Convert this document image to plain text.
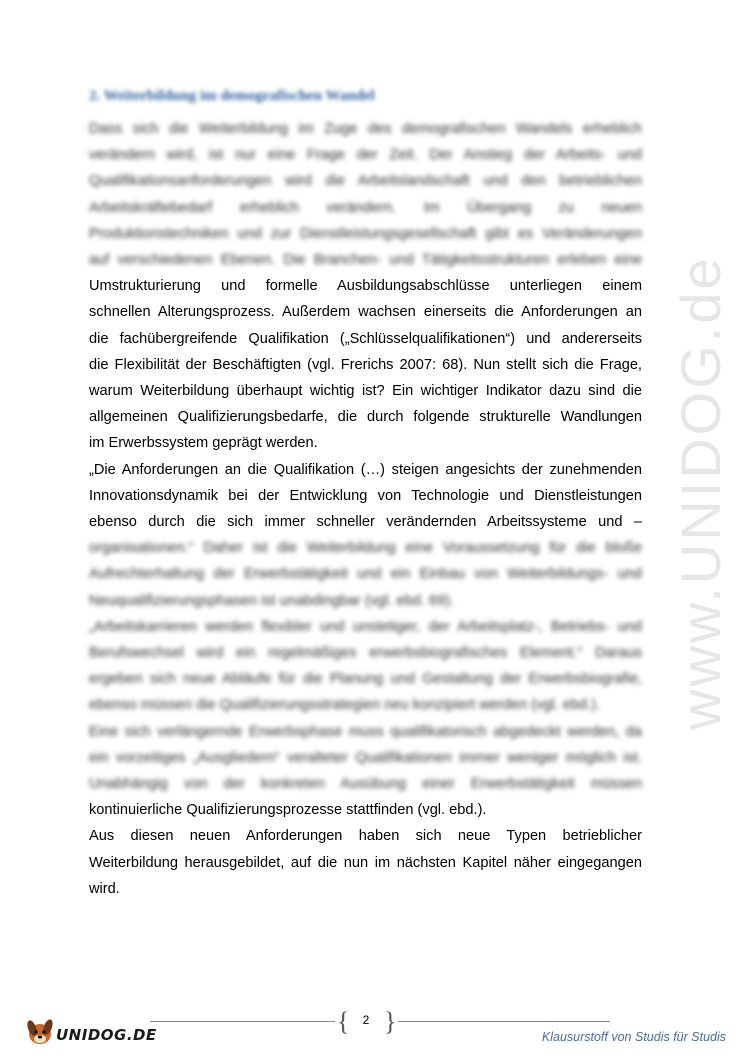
www.UNIDOG.de
2. Weiterbildung im demografischen Wandel
Dass sich die Weiterbildung im Zuge des demografischen Wandels erheblich
verändern wird, ist nur eine Frage der Zeit. Der Anstieg der Arbeits- und
Qualifikationsanforderungen wird die Arbeitslandschaft und den betrieblichen
Arbeitskräftebedarf erheblich verändern. Im Übergang zu neuen
Produktionstechniken und zur Dienstleistungsgesellschaft gibt es Veränderungen
auf verschiedenen Ebenen. Die Branchen- und Tätigkeitsstrukturen erleben eine
Umstrukturierung und formelle Ausbildungsabschlüsse unterliegen einem
schnellen Alterungsprozess. Außerdem wachsen einerseits die Anforderungen an
die fachübergreifende Qualifikation („Schlüsselqualifikationen“) und andererseits
die Flexibilität der Beschäftigten (vgl. Frerichs 2007: 68). Nun stellt sich die Frage,
warum Weiterbildung überhaupt wichtig ist? Ein wichtiger Indikator dazu sind die
allgemeinen Qualifizierungsbedarfe, die durch folgende strukturelle Wandlungen
im Erwerbssystem geprägt werden.
„Die Anforderungen an die Qualifikation (…) steigen angesichts der zunehmenden
Innovationsdynamik bei der Entwicklung von Technologie und Dienstleistungen
ebenso durch die sich immer schneller verändernden Arbeitssysteme und –
organisationen.“ Daher ist die Weiterbildung eine Voraussetzung für die bloße
Aufrechterhaltung der Erwerbstätigkeit und ein Einbau von Weiterbildungs- und
Neuqualifizierungsphasen ist unabdingbar (vgl. ebd. 69).
„Arbeitskarrieren werden flexibler und unstetiger, der Arbeitsplatz-, Betriebs- und
Berufswechsel wird ein regelmäßiges erwerbsbiografisches Element.“ Daraus
ergeben sich neue Abläufe für die Planung und Gestaltung der Erwerbsbiografie,
ebenso müssen die Qualifizierungsstrategien neu konzipiert werden (vgl. ebd.).
Eine sich verlängernde Erwerbsphase muss qualifikatorisch abgedeckt werden, da
ein vorzeitiges „Ausgliedern“ veralteter Qualifikationen immer weniger möglich ist.
Unabhängig von der konkreten Ausübung einer Erwerbstätigkeit müssen
kontinuierliche Qualifizierungsprozesse stattfinden (vgl. ebd.).
Aus diesen neuen Anforderungen haben sich neue Typen betrieblicher
Weiterbildung herausgebildet, auf die nun im nächsten Kapitel näher eingegangen
wird.
UNIDOG.DE	{	2 }
Klausurstoff von Studis für Studis
